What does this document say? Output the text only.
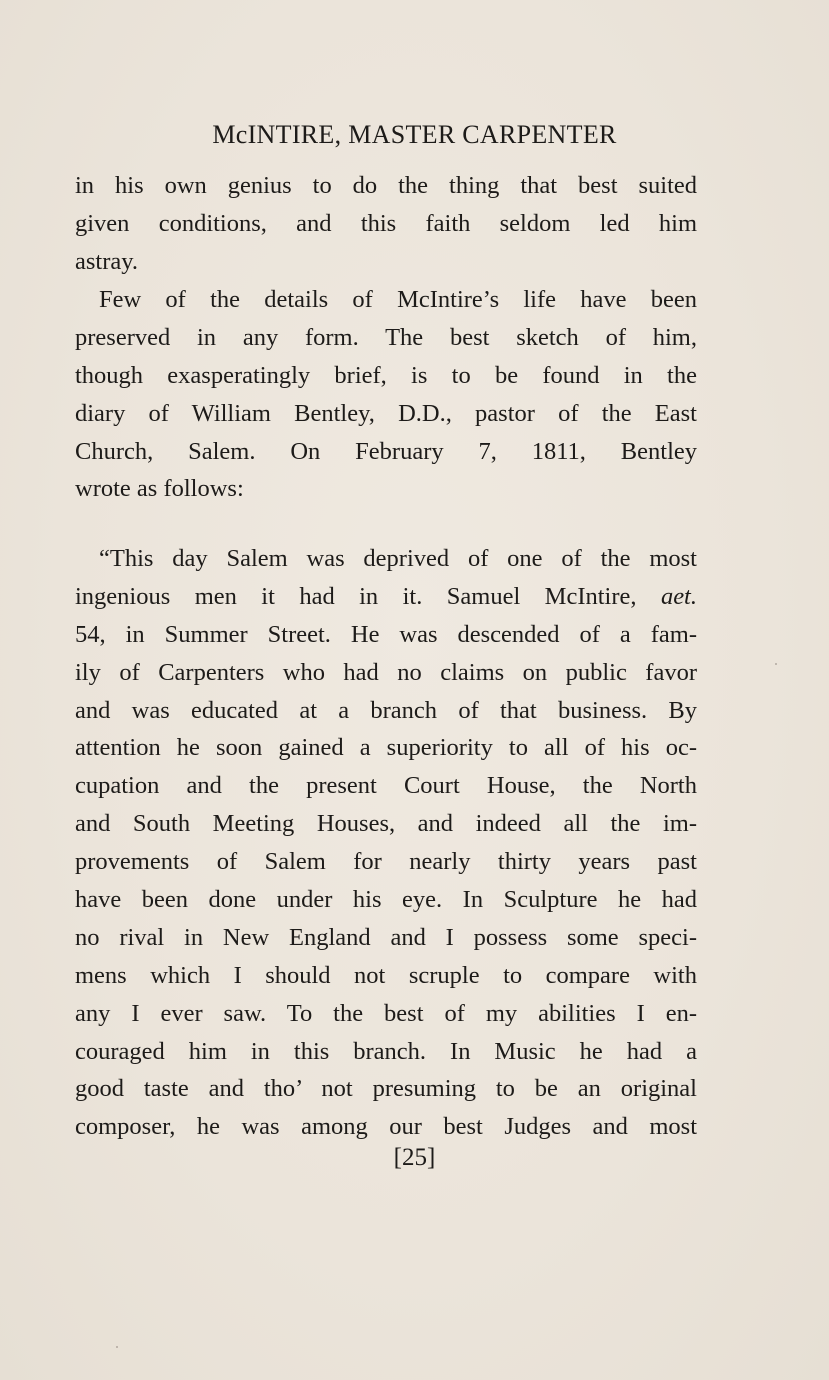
McINTIRE, MASTER CARPENTER
in his own genius to do the thing that best suited
given conditions, and this faith seldom led him
astray.
Few of the details of McIntire’s life have been
preserved in any form. The best sketch of him,
though exasperatingly brief, is to be found in the
diary of William Bentley, D.D., pastor of the East
Church, Salem. On February 7, 1811, Bentley
wrote as follows:
“This day Salem was deprived of one of the most
ingenious men it had in it. Samuel McIntire, aet.
54, in Summer Street. He was descended of a fam-
ily of Carpenters who had no claims on public favor
and was educated at a branch of that business. By
attention he soon gained a superiority to all of his oc-
cupation and the present Court House, the North
and South Meeting Houses, and indeed all the im-
provements of Salem for nearly thirty years past
have been done under his eye. In Sculpture he had
no rival in New England and I possess some speci-
mens which I should not scruple to compare with
any I ever saw. To the best of my abilities I en-
couraged him in this branch. In Music he had a
good taste and tho’ not presuming to be an original
composer, he was among our best Judges and most
[25]
